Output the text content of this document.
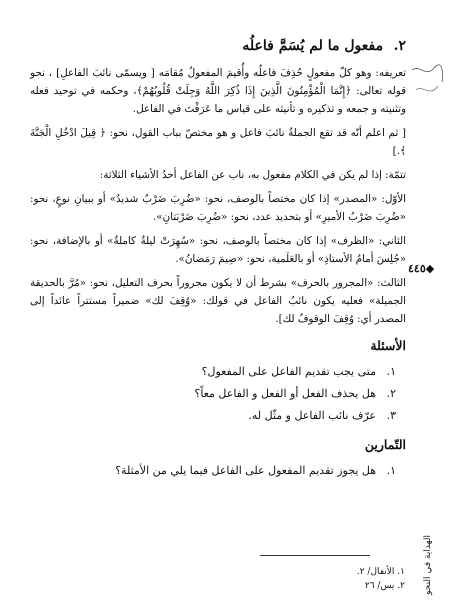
٢. مفعول ما لم يُسَمَّ فاعلُه
تعريفه: وهو كلّ مفعولٍ حُذِفَ فاعلُه وأُقيمَ المفعولُ مُقامَه [ ويسمّى نائبَ الفاعلِ] ، نحو قوله تعالى: ﴿إِنَّمَا الْمُؤْمِنُونَ الَّذِينَ إِذَا ذُكِرَ اللَّهُ وَجِلَتْ قُلُوبُهُمْ﴾، وحكمه في توحيد فعله وتثنيته و جمعه و تذكيره و تأنيثه على قياس ما عَرَفْتَ في الفاعل.
[ ثم اعلم أنّه قد تقع الجملةُ نائبَ فاعل و هو مختصّ بباب القول، نحو: ﴿ قِيلَ ادْخُلِ الْجَنَّةَ ﴾.]
تتمّة: إذا لم يكن في الكلام مفعول به، ناب عن الفاعل أحدُ الأشياء الثلاثة:
الأوّل: «المصدر» إذا كان مختصاً بالوصف، نحو: «ضُرِبَ ضَرْبٌ شديدٌ» أو ببيانِ نوعٍ، نحو: «ضُرِبَ ضَرْبُ الأميرِ» أو بتحديد عدد، نحو: «ضُرِبَ ضَرْبَتانِ».
الثاني: «الظرف» إذا كان مختصاً بالوصف، نحو: «سُهِرَتْ ليلةٌ كاملةٌ» أو بالإضافة، نحو: «جُلِسَ أمامُ الأستاذِ» أو بالعَلَمية، نحو: «صِيمَ رَمَضانُ».
الثالث: «المجرور بالحرف» بشرط أن لا يكون مجروراً بحرف التعليل، نحو: «مُرَّ بالحديقة الجميلة» فعليه يكون نائبُ الفاعل في قولك: «وُقِفَ لك» ضميراً مستتراً عائداً إلى المصدر أي: وُقِفَ الوقوفُ لك].
الأسئلة
١.
متى يجب تقديم الفاعل على المفعول؟
٢.
هل يحذف الفعل أو الفعل و الفاعل معاً؟
٣.
عرّف نائب الفاعل و مثّل له.
التّمارين
١.
هل يجوز تقديم المفعول على الفاعل فيما يلي من الأمثلة؟
١. الأنفال/ ٢.
٢. يس/ ٢٦
◆٤٤٥
الهداية في النحو
